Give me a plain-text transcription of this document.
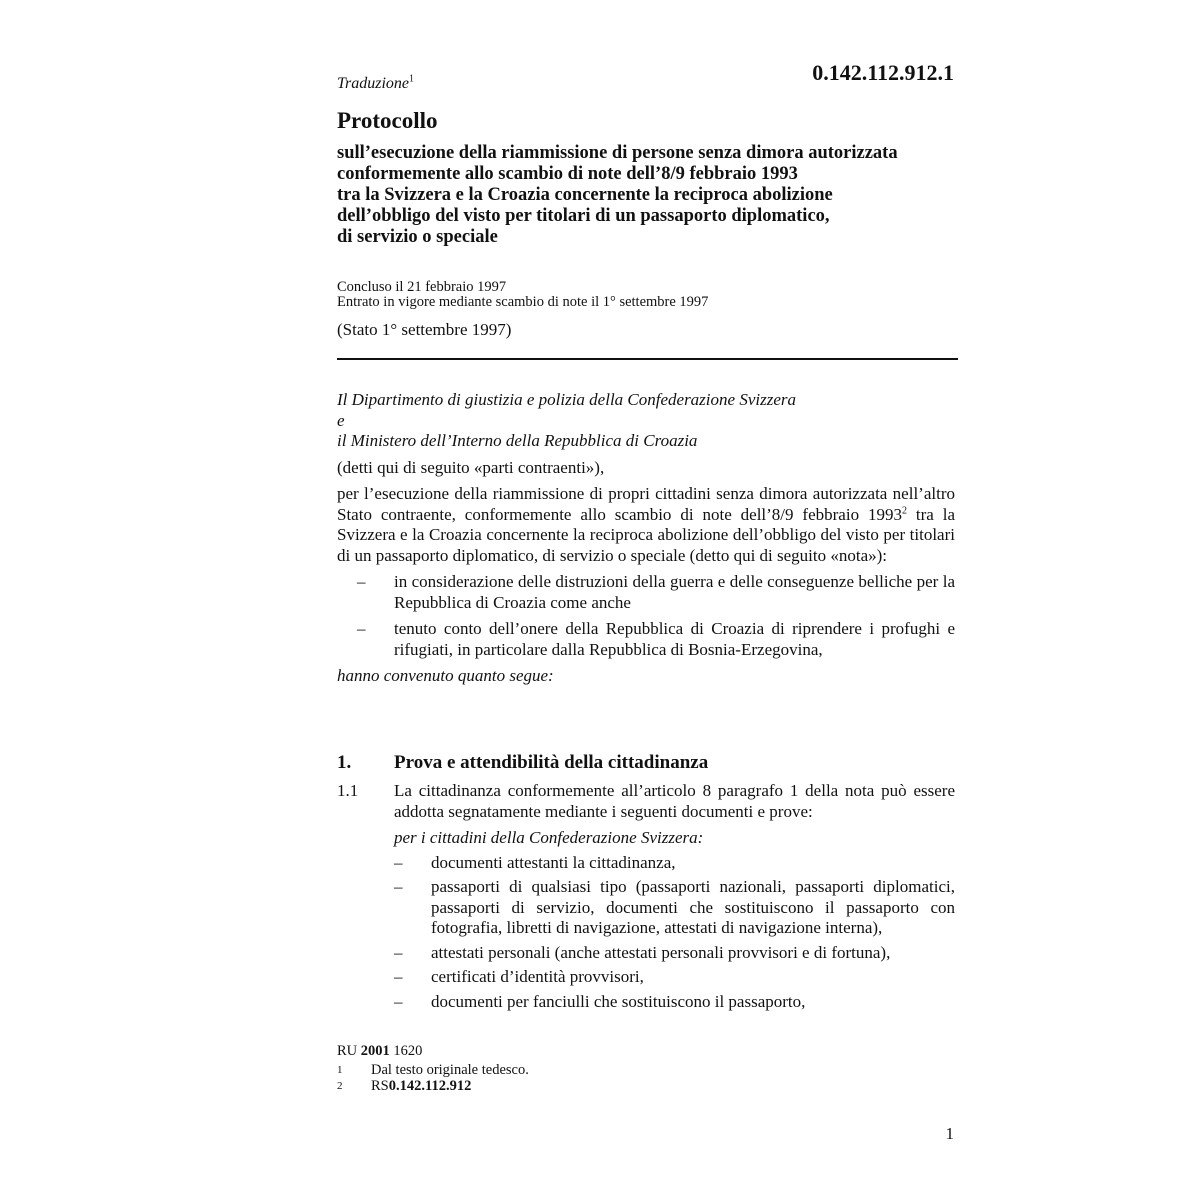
Traduzione$^1$	0.142.112.912.1
Protocollo
sull’esecuzione della riammissione di persone senza dimora autorizzata
conformemente allo scambio di note dell’8/9 febbraio 1993
tra la Svizzera e la Croazia concernente la reciproca abolizione
dell’obbligo del visto per titolari di un passaporto diplomatico,
di servizio o speciale
Concluso il 21 febbraio 1997
Entrato in vigore mediante scambio di note il 1° settembre 1997
(Stato 1° settembre 1997)

Il Dipartimento di giustizia e polizia della Confederazione Svizzera

e

il Ministero dell’Interno della Repubblica di Croazia

(detti qui di seguito «parti contraenti»),

per l’esecuzione della riammissione di propri cittadini senza dimora autorizzata nell’altro Stato contraente, conformemente allo scambio di note dell’8/9 febbraio 1993$^2$ tra la Svizzera e la Croazia concernente la reciproca abolizione dell’obbligo del visto per titolari di un passaporto diplomatico, di servizio o speciale (detto qui di seguito «nota»):

–	in considerazione delle distruzioni della guerra e delle conseguenze belliche per la Repubblica di Croazia come anche
–	tenuto conto dell’onere della Repubblica di Croazia di riprendere i profughi e rifugiati, in particolare dalla Repubblica di Bosnia-Erzegovina,

hanno convenuto quanto segue:

1.	Prova e attendibilità della cittadinanza
1.1	La cittadinanza conformemente all’articolo 8 paragrafo 1 della nota può essere addotta segnatamente mediante i seguenti documenti e prove:

per i cittadini della Confederazione Svizzera:

–	documenti attestanti la cittadinanza,
–	passaporti di qualsiasi tipo (passaporti nazionali, passaporti diplomatici, passaporti di servizio, documenti che sostituiscono il passaporto con fotografia, libretti di navigazione, attestati di navigazione interna),
–	attestati personali (anche attestati personali provvisori e di fortuna),
–	certificati d’identità provvisori,
–	documenti per fanciulli che sostituiscono il passaporto,
RU 2001 1620
1	Dal testo originale tedesco.
2	RS 0.142.112.912
1
